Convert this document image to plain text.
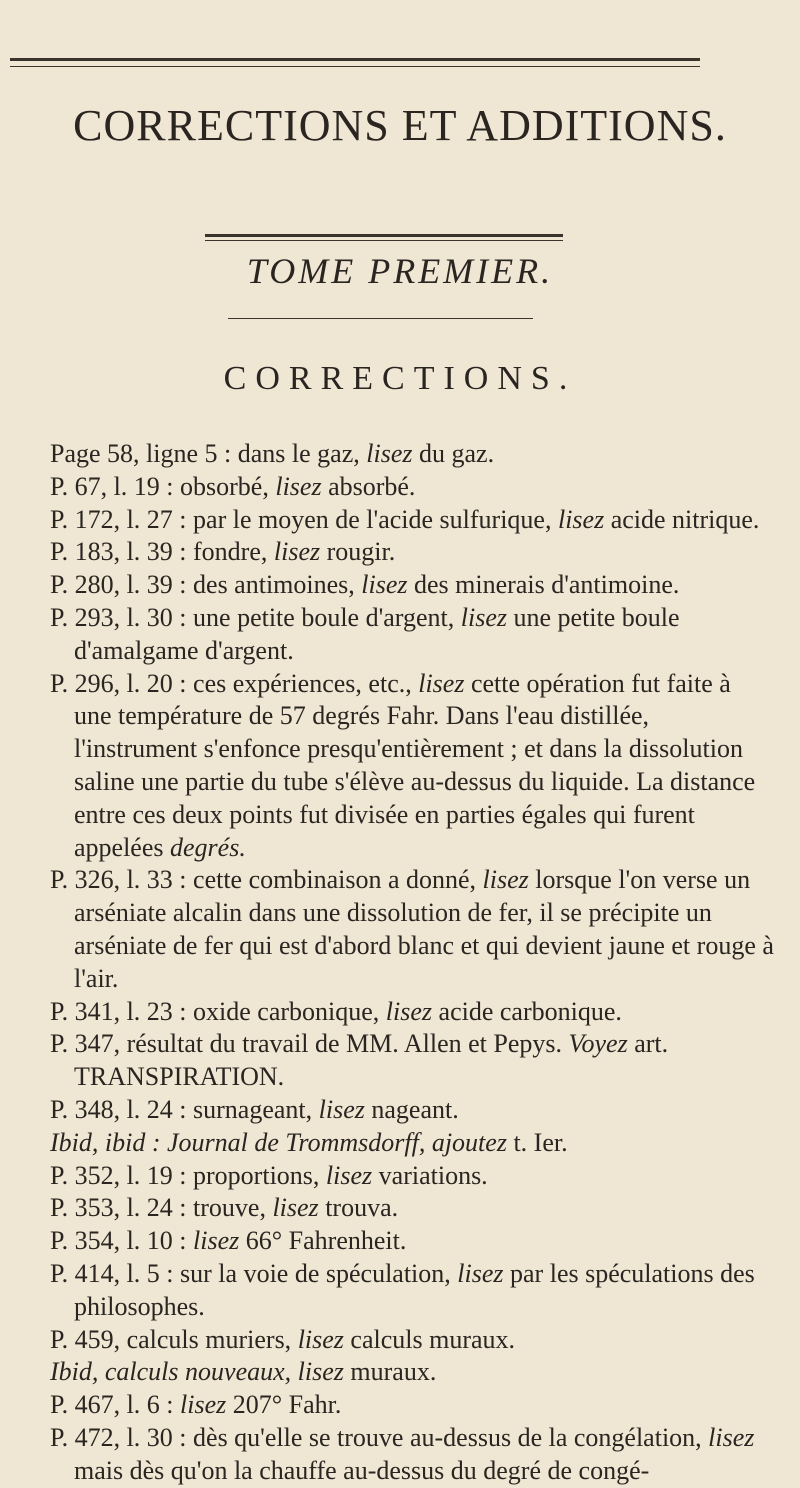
CORRECTIONS ET ADDITIONS.
TOME PREMIER.
CORRECTIONS.

Page 58, ligne 5 : dans le gaz, lisez du gaz.

P. 67, l. 19 : obsorbé, lisez absorbé.

P. 172, l. 27 : par le moyen de l'acide sulfurique, lisez acide nitrique.

P. 183, l. 39 : fondre, lisez rougir.

P. 280, l. 39 : des antimoines, lisez des minerais d'antimoine.

P. 293, l. 30 : une petite boule d'argent, lisez une petite boule d'amalgame d'argent.

P. 296, l. 20 : ces expériences, etc., lisez cette opération fut faite à une température de 57 degrés Fahr. Dans l'eau distillée, l'instrument s'enfonce presqu'entièrement ; et dans la dissolution saline une partie du tube s'élève au-dessus du liquide. La distance entre ces deux points fut divisée en parties égales qui furent appelées degrés.

P. 326, l. 33 : cette combinaison a donné, lisez lorsque l'on verse un arséniate alcalin dans une dissolution de fer, il se précipite un arséniate de fer qui est d'abord blanc et qui devient jaune et rouge à l'air.

P. 341, l. 23 : oxide carbonique, lisez acide carbonique.

P. 347, résultat du travail de MM. Allen et Pepys. Voyez art. TRANSPIRATION.

P. 348, l. 24 : surnageant, lisez nageant.

Ibid, ibid : Journal de Trommsdorff, ajoutez t. Ier.

P. 352, l. 19 : proportions, lisez variations.

P. 353, l. 24 : trouve, lisez trouva.

P. 354, l. 10 : lisez 66° Fahrenheit.

P. 414, l. 5 : sur la voie de spéculation, lisez par les spéculations des philosophes.

P. 459, calculs muriers, lisez calculs muraux.

Ibid, calculs nouveaux, lisez muraux.

P. 467, l. 6 : lisez 207° Fahr.

P. 472, l. 30 : dès qu'elle se trouve au-dessus de la congélation, lisez mais dès qu'on la chauffe au-dessus du degré de congé-
